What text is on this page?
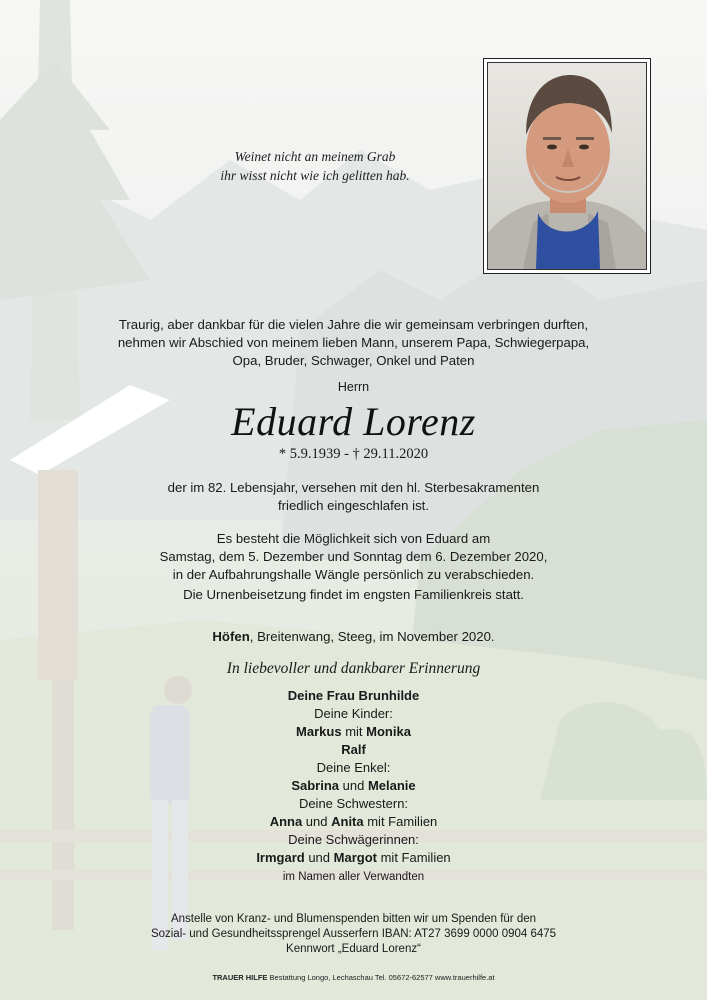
Weinet nicht an meinem Grab
ihr wisst nicht wie ich gelitten hab.
Traurig, aber dankbar für die vielen Jahre die wir gemeinsam verbringen durften,
nehmen wir Abschied von meinem lieben Mann, unserem Papa, Schwiegerpapa,
Opa, Bruder, Schwager, Onkel und Paten
Herrn
Eduard Lorenz
* 5.9.1939 - † 29.11.2020
der im 82. Lebensjahr, versehen mit den hl. Sterbesakramenten
friedlich eingeschlafen ist.
Es besteht die Möglichkeit sich von Eduard am
Samstag, dem 5. Dezember und Sonntag dem 6. Dezember 2020,
in der Aufbahrungshalle Wängle persönlich zu verabschieden.
Die Urnenbeisetzung findet im engsten Familienkreis statt.
Höfen, Breitenwang, Steeg, im November 2020.
In liebevoller und dankbarer Erinnerung
Deine Frau Brunhilde
Deine Kinder:
Markus mit Monika
Ralf
Deine Enkel:
Sabrina und Melanie
Deine Schwestern:
Anna und Anita mit Familien
Deine Schwägerinnen:
Irmgard und Margot mit Familien
im Namen aller Verwandten
Anstelle von Kranz- und Blumenspenden bitten wir um Spenden für den
Sozial- und Gesundheitssprengel Ausserfern IBAN: AT27 3699 0000 0904 6475
Kennwort „Eduard Lorenz“
TRAUER HILFE Bestattung Longo, Lechaschau Tel. 05672-62577 www.trauerhilfe.at
